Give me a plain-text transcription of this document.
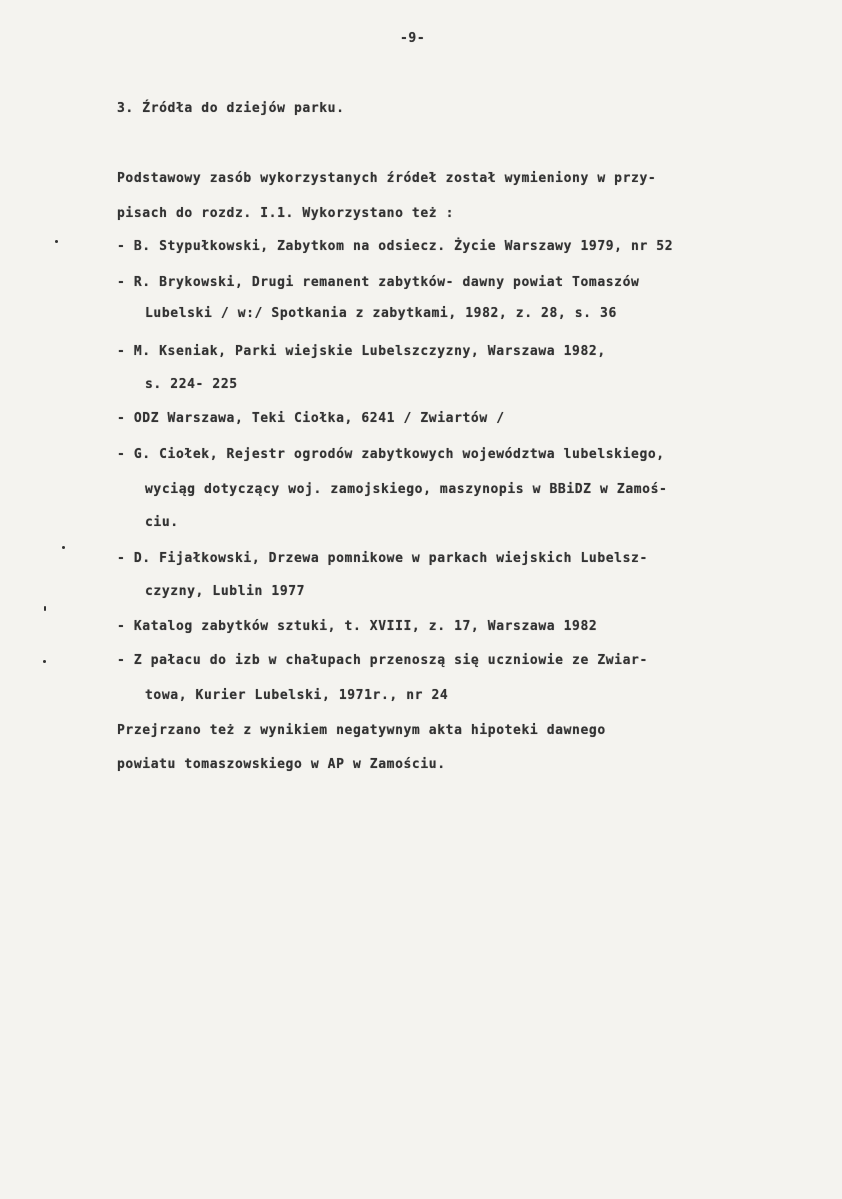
-9-
3. Źródła do dziejów parku.
Podstawowy zasób wykorzystanych źródeł został wymieniony w przy-
pisach do rozdz. I.1. Wykorzystano też :
- B. Stypułkowski, Zabytkom na odsiecz. Życie Warszawy 1979, nr 52
- R. Brykowski, Drugi remanent zabytków- dawny powiat Tomaszów
Lubelski / w:/ Spotkania z zabytkami, 1982, z. 28, s. 36
- M. Kseniak, Parki wiejskie Lubelszczyzny, Warszawa 1982,
s. 224- 225
- ODZ Warszawa, Teki Ciołka, 6241 / Zwiartów /
- G. Ciołek, Rejestr ogrodów zabytkowych województwa lubelskiego,
wyciąg dotyczący woj. zamojskiego, maszynopis w BBiDZ w Zamoś-
ciu.
- D. Fijałkowski, Drzewa pomnikowe w parkach wiejskich Lubelsz-
czyzny, Lublin 1977
- Katalog zabytków sztuki, t. XVIII, z. 17, Warszawa 1982
- Z pałacu do izb w chałupach przenoszą się uczniowie ze Zwiar-
towa, Kurier Lubelski, 1971r., nr 24
Przejrzano też z wynikiem negatywnym akta hipoteki dawnego
powiatu tomaszowskiego w AP w Zamościu.
